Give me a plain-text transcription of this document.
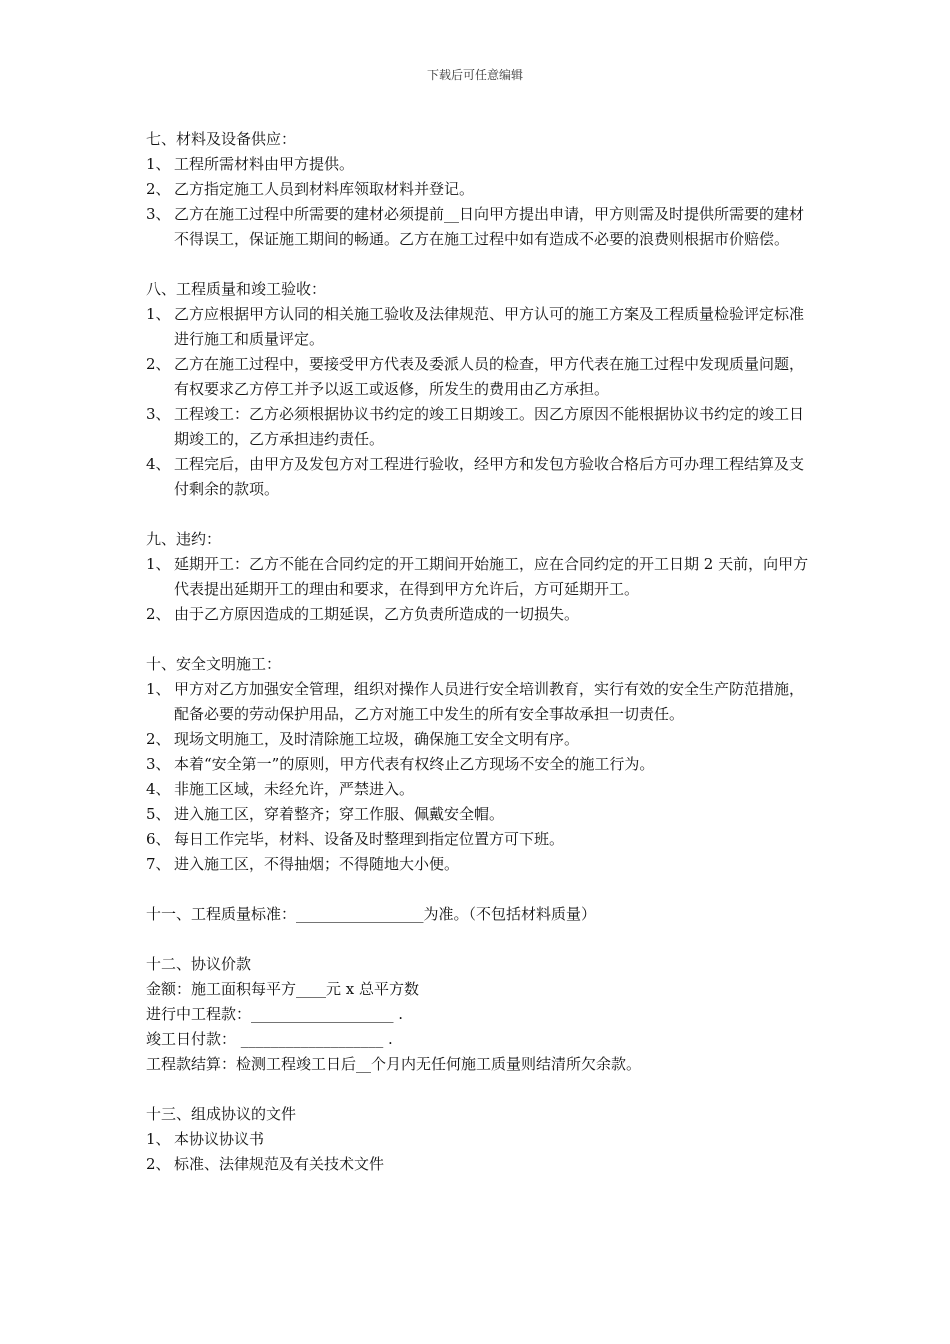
下载后可任意编辑

七、材料及设备供应：

1、 工程所需材料由甲方提供。
2、 乙方指定施工人员到材料库领取材料并登记。
3、 乙方在施工过程中所需要的建材必须提前__日向甲方提出申请，甲方则需及时提供所需要的建材不得误工，保证施工期间的畅通。乙方在施工过程中如有造成不必要的浪费则根据市价赔偿。

八、工程质量和竣工验收：

1、 乙方应根据甲方认同的相关施工验收及法律规范、甲方认可的施工方案及工程质量检验评定标准进行施工和质量评定。
2、 乙方在施工过程中，要接受甲方代表及委派人员的检查，甲方代表在施工过程中发现质量问题，有权要求乙方停工并予以返工或返修，所发生的费用由乙方承担。
3、 工程竣工：乙方必须根据协议书约定的竣工日期竣工。因乙方原因不能根据协议书约定的竣工日期竣工的，乙方承担违约责任。
4、 工程完后，由甲方及发包方对工程进行验收，经甲方和发包方验收合格后方可办理工程结算及支付剩余的款项。

九、违约：

1、 延期开工：乙方不能在合同约定的开工期间开始施工，应在合同约定的开工日期 2 天前，向甲方代表提出延期开工的理由和要求，在得到甲方允许后，方可延期开工。
2、 由于乙方原因造成的工期延误，乙方负责所造成的一切损失。

十、安全文明施工：

1、 甲方对乙方加强安全管理，组织对操作人员进行安全培训教育，实行有效的安全生产防范措施，配备必要的劳动保护用品，乙方对施工中发生的所有安全事故承担一切责任。
2、 现场文明施工，及时清除施工垃圾，确保施工安全文明有序。
3、 本着“安全第一”的原则，甲方代表有权终止乙方现场不安全的施工行为。
4、 非施工区域，未经允许，严禁进入。
5、 进入施工区，穿着整齐；穿工作服、佩戴安全帽。
6、 每日工作完毕，材料、设备及时整理到指定位置方可下班。
7、 进入施工区，不得抽烟；不得随地大小便。

十一、工程质量标准：_________________为准。（不包括材料质量）

十二、协议价款

金额：施工面积每平方____元 x 总平方数

进行中工程款：___________________ .

竣工日付款： ___________________ .

工程款结算：检测工程竣工日后__个月内无任何施工质量则结清所欠余款。

十三、组成协议的文件

1、 本协议协议书
2、 标准、法律规范及有关技术文件
